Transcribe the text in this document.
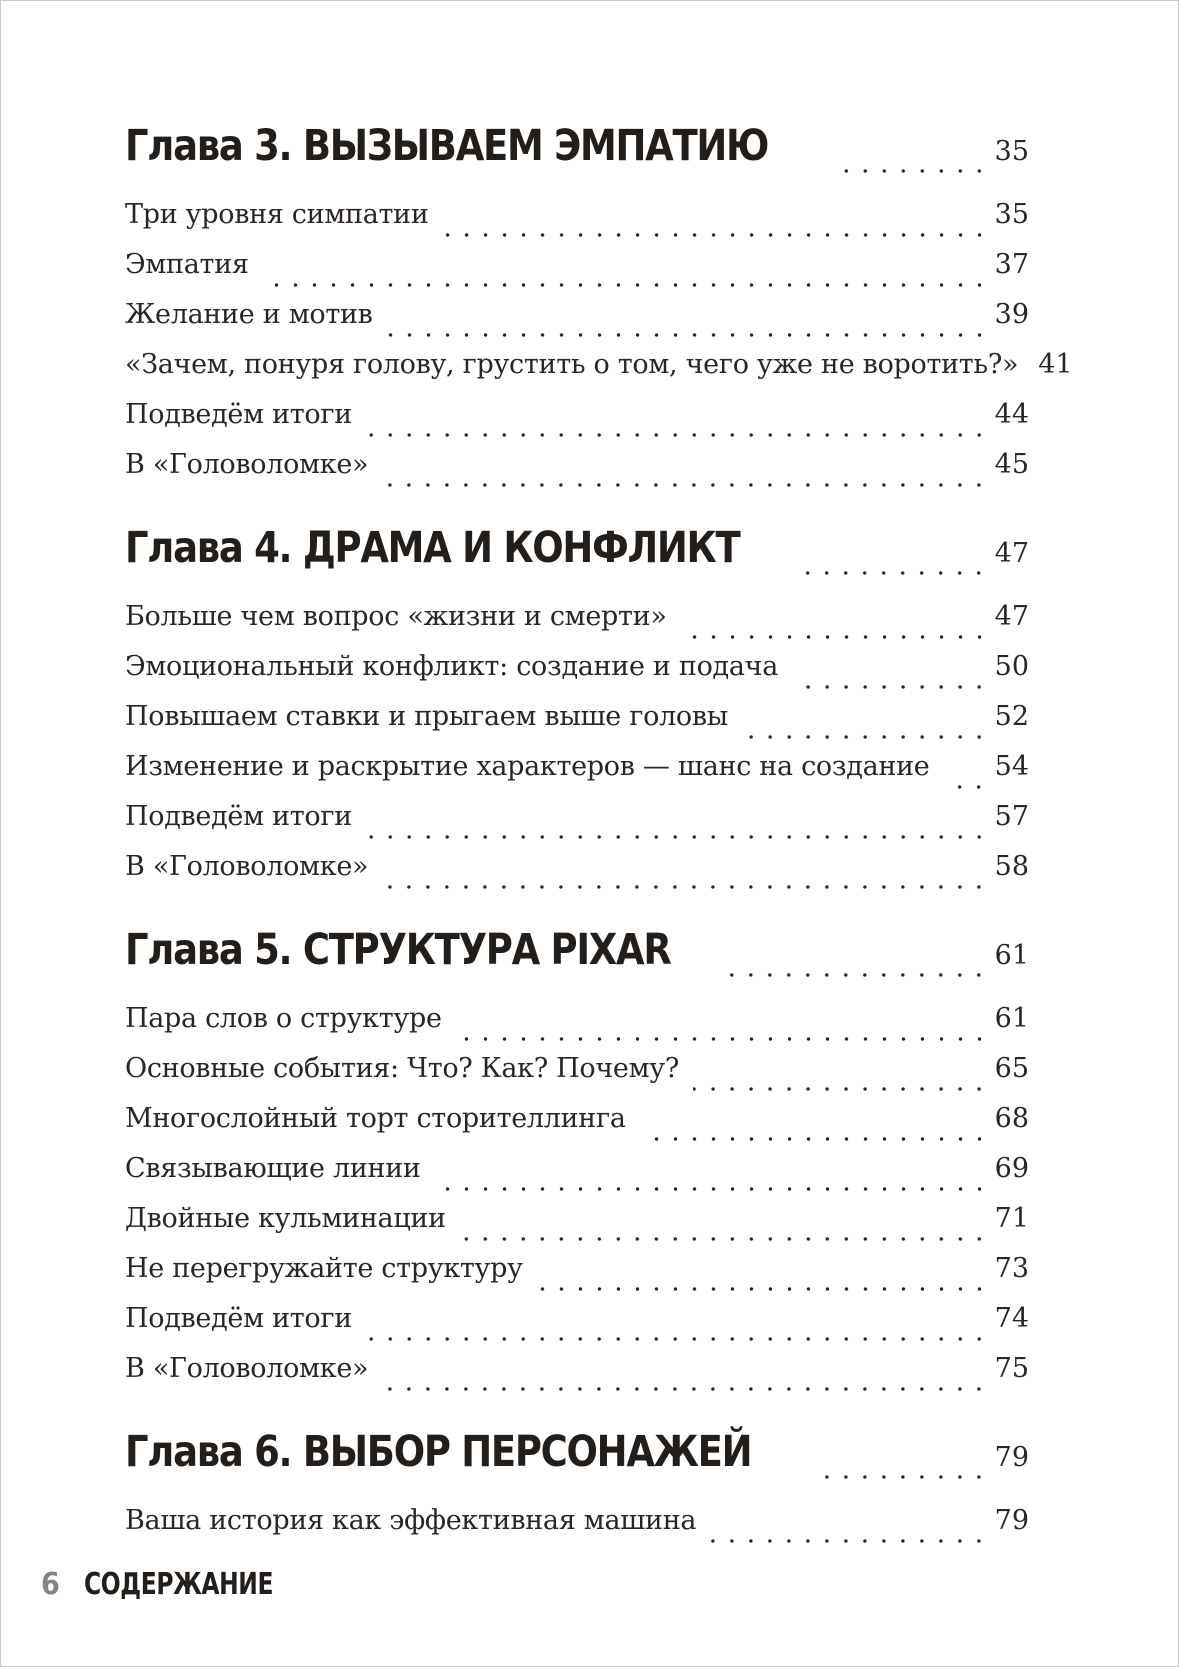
Глава 3. ВЫЗЫВАЕМ ЭМПАТИЮ	35
Три уровня симпатии	35
Эмпатия	37
Желание и мотив	39
«Зачем, понуря голову, грустить о том, чего уже не воротить?» 41
Подведём итоги	44
В «Головоломке»	45
Глава 4. ДРАМА И КОНФЛИКТ	47
Больше чем вопрос «жизни и смерти»	47
Эмоциональный конфликт: создание и подача	50
Повышаем ставки и прыгаем выше головы	52
Изменение и раскрытие характеров — шанс на создание 54
Подведём итоги	57
В «Головоломке»	58
Глава 5. СТРУКТУРА PIXAR	61
Пара слов о структуре	61
Основные события: Что? Как? Почему?	65
Многослойный торт сторителлинга	68
Связывающие линии	69
Двойные кульминации	71
Не перегружайте структуру	73
Подведём итоги	74
В «Головоломке»	75
Глава 6. ВЫБОР ПЕРСОНАЖЕЙ	79
Ваша история как эффективная машина	79
6 СОДЕРЖАНИЕ
